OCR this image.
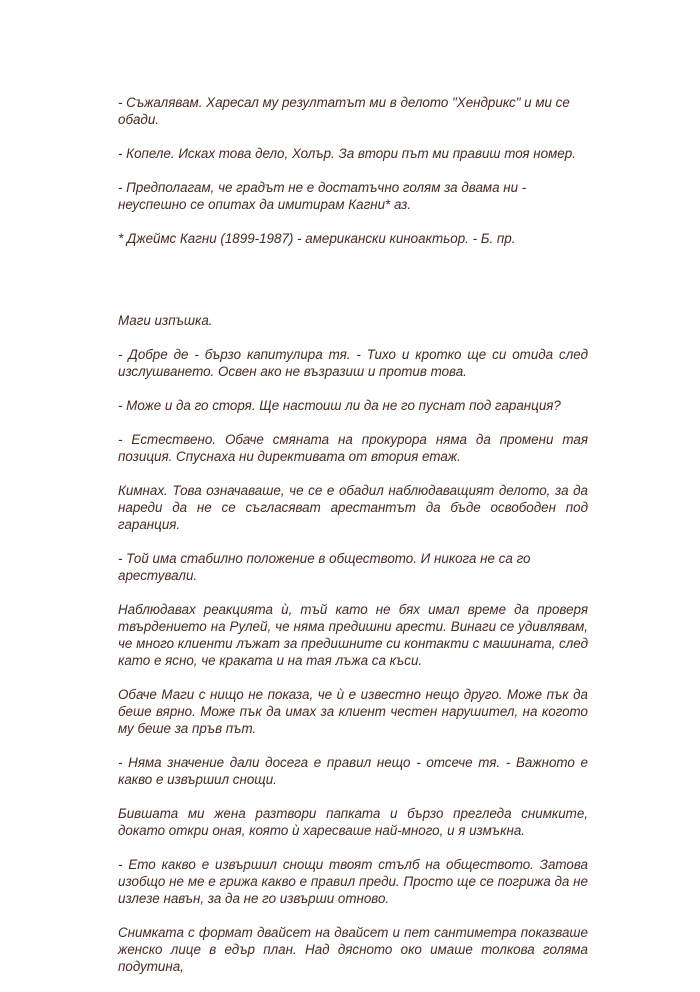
- Съжалявам. Харесал му резултатът ми в делото "Хендрикс" и ми се обади.

- Копеле. Исках това дело, Холър. За втори път ми правиш тоя номер.

- Предполагам, че градът не е достатъчно голям за двама ни - неуспешно се опитах да имитирам Кагни* аз.

* Джеймс Кагни (1899-1987) - американски киноактьор. - Б. пр.

Маги изпъшка.

- Добре де - бързо капитулира тя. - Тихо и кротко ще си отида след изслушването. Освен ако не възразиш и против това.

- Може и да го сторя. Ще настоиш ли да не го пуснат под гаранция?

- Естествено. Обаче смяната на прокурора няма да промени тая позиция. Спуснаха ни директивата от втория етаж.

Кимнах. Това означаваше, че се е обадил наблюдаващият делото, за да нареди да не се съгласяват арестантът да бъде освободен под гаранция.

- Той има стабилно положение в обществото. И никога не са го арестували.

Наблюдавах реакцията ѝ, тъй като не бях имал време да проверя твърдението на Рулей, че няма предишни арести. Винаги се удивлявам, че много клиенти лъжат за предишните си контакти с машината, след като е ясно, че краката и на тая лъжа са къси.

Обаче Маги с нищо не показа, че ѝ е известно нещо друго. Може пък да беше вярно. Може пък да имах за клиент честен нарушител, на когото му беше за пръв път.

- Няма значение дали досега е правил нещо - отсече тя. - Важното е какво е извършил снощи.

Бившата ми жена разтвори папката и бързо прегледа снимките, докато откри оная, която ѝ харесваше най-много, и я измъкна.

- Ето какво е извършил снощи твоят стълб на обществото. Затова изобщо не ме е грижа какво е правил преди. Просто ще се погрижа да не излезе навън, за да не го извърши отново.

Снимката с формат двайсет на двайсет и пет сантиметра показваше женско лице в едър план. Над дясното око имаше толкова голяма подутина,
